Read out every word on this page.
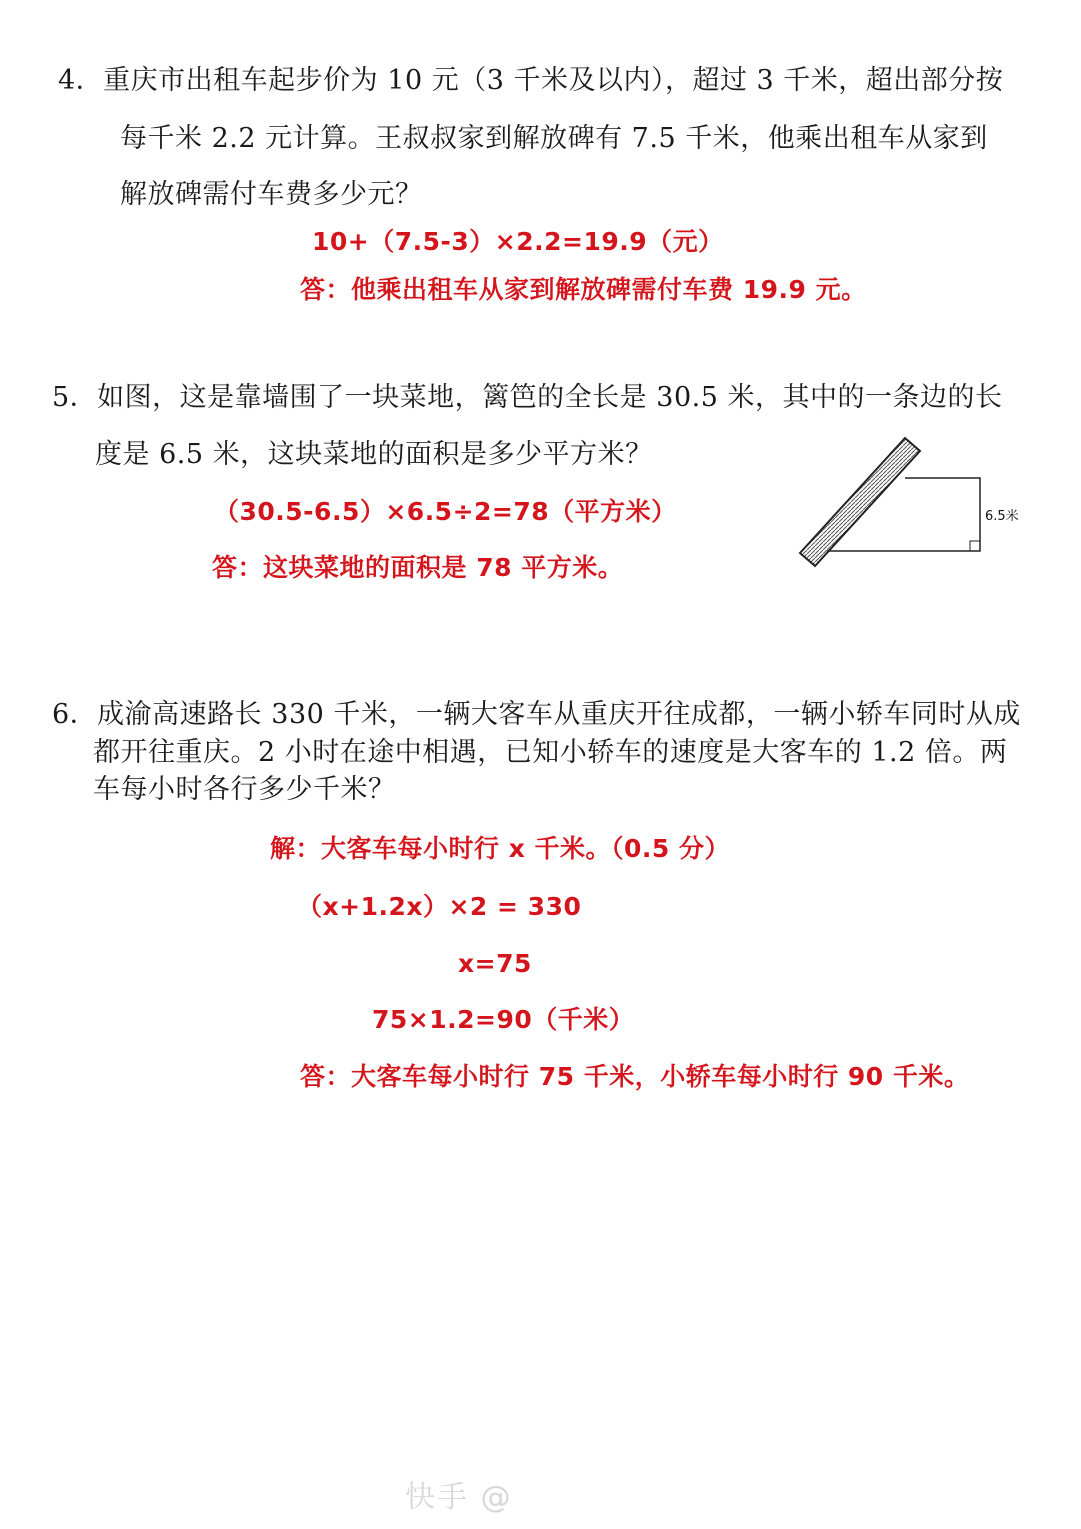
4．重庆市出租车起步价为 10 元（3 千米及以内），超过 3 千米，超出部分按
每千米 2.2 元计算。王叔叔家到解放碑有 7.5 千米，他乘出租车从家到
解放碑需付车费多少元？
10+（7.5-3）×2.2=19.9（元）
答：他乘出租车从家到解放碑需付车费 19.9 元。
5．如图，这是靠墙围了一块菜地，篱笆的全长是 30.5 米，其中的一条边的长
度是 6.5 米，这块菜地的面积是多少平方米？
（30.5-6.5）×6.5÷2=78（平方米）
答：这块菜地的面积是 78 平方米。
6.5米
6．成渝高速路长 330 千米，一辆大客车从重庆开往成都，一辆小轿车同时从成
都开往重庆。2 小时在途中相遇，已知小轿车的速度是大客车的 1.2 倍。两
车每小时各行多少千米？
解：大客车每小时行 x 千米。（0.5 分）
（x+1.2x）×2 = 330
x=75
75×1.2=90（千米）
答：大客车每小时行 75 千米，小轿车每小时行 90 千米。
快手 @
